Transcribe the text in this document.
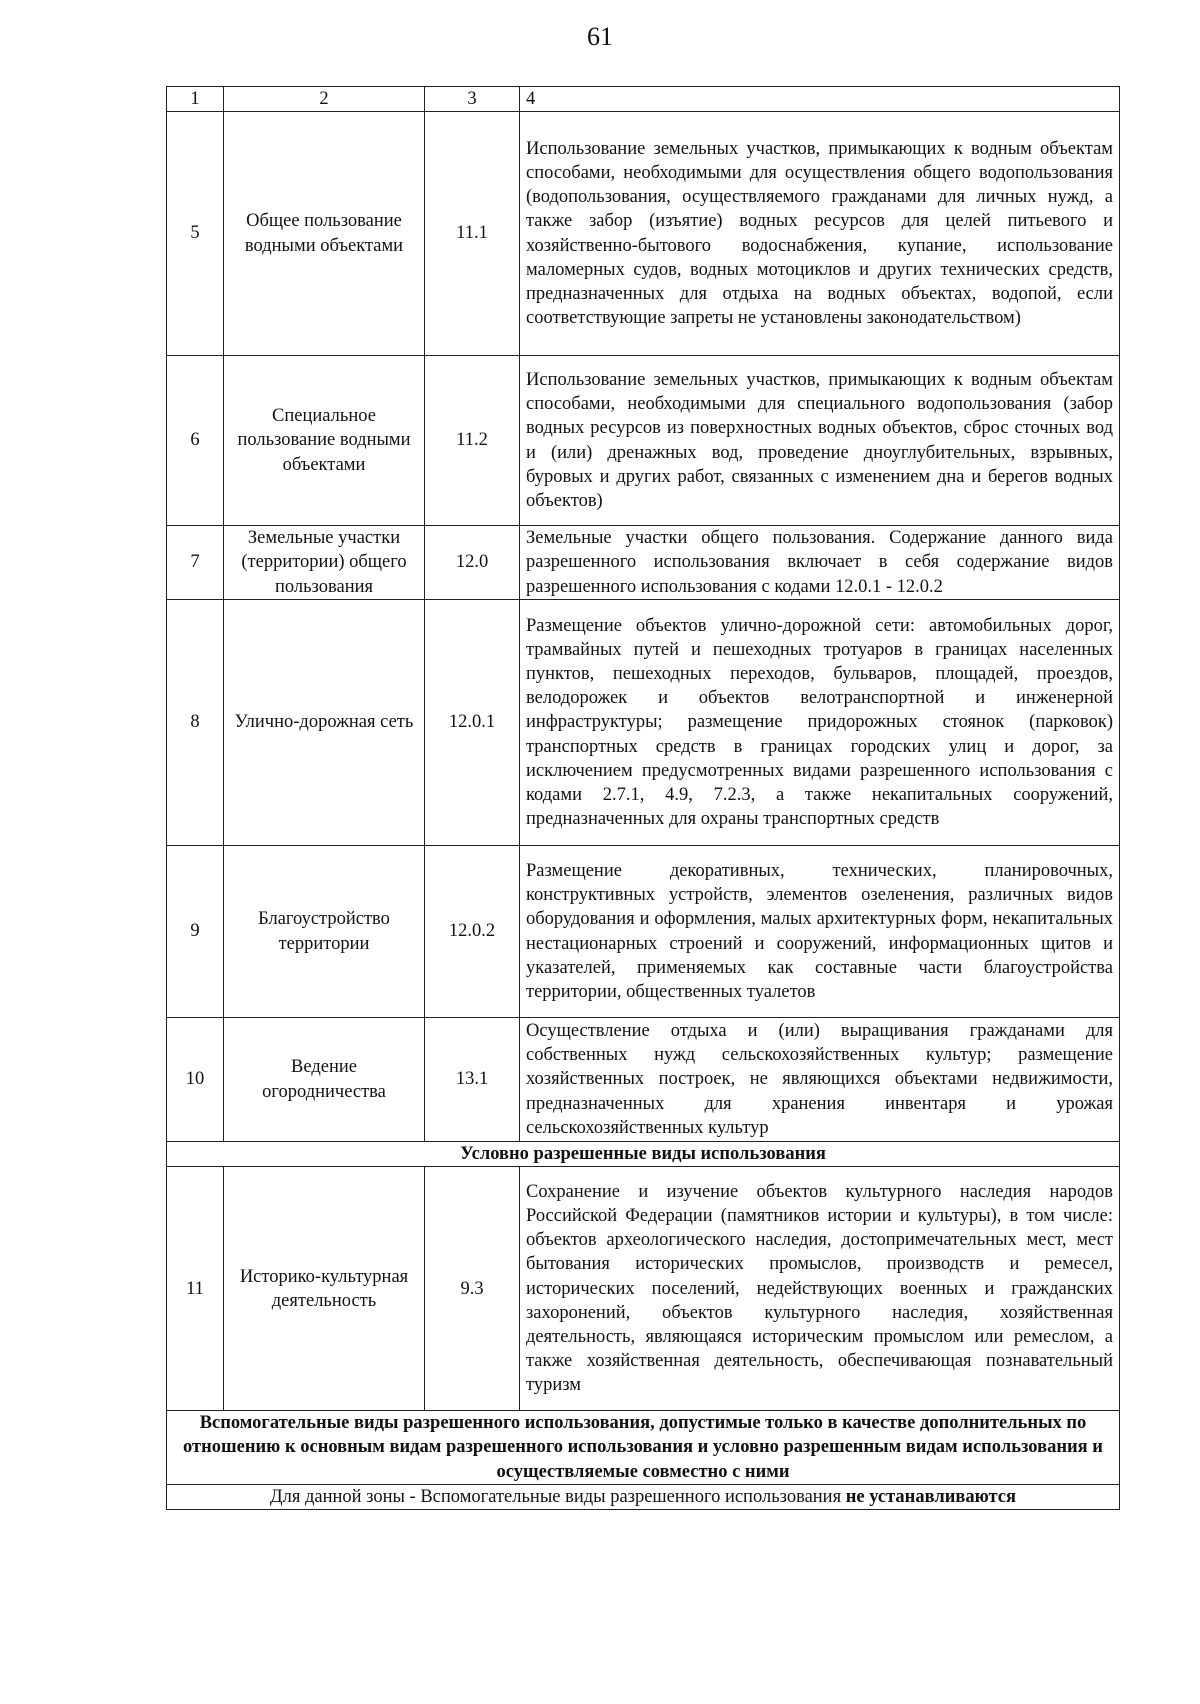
61
1	2	3	4
5	Общее пользование водными объектами	11.1	Использование земельных участков, примыкающих к водным объектам способами, необходимыми для осуществления общего водопользования (водопользования, осуществляемого гражданами для личных нужд, а также забор (изъятие) водных ресурсов для целей питьевого и хозяйственно-бытового водоснабжения, купание, использование маломерных судов, водных мотоциклов и других технических средств, предназначенных для отдыха на водных объектах, водопой, если соответствующие запреты не установлены законодательством)
6	Специальное пользование водными объектами	11.2	Использование земельных участков, примыкающих к водным объектам способами, необходимыми для специального водопользования (забор водных ресурсов из поверхностных водных объектов, сброс сточных вод и (или) дренажных вод, проведение дноуглубительных, взрывных, буровых и других работ, связанных с изменением дна и берегов водных объектов)
7	Земельные участки (территории) общего пользования	12.0	Земельные участки общего пользования. Содержание данного вида разрешенного использования включает в себя содержание видов разрешенного использования с кодами 12.0.1 - 12.0.2
8	Улично-дорожная сеть	12.0.1	Размещение объектов улично-дорожной сети: автомобильных дорог, трамвайных путей и пешеходных тротуаров в границах населенных пунктов, пешеходных переходов, бульваров, площадей, проездов, велодорожек и объектов велотранспортной и инженерной инфраструктуры; размещение придорожных стоянок (парковок) транспортных средств в границах городских улиц и дорог, за исключением предусмотренных видами разрешенного использования с кодами 2.7.1, 4.9, 7.2.3, а также некапитальных сооружений, предназначенных для охраны транспортных средств
9	Благоустройство территории	12.0.2	Размещение декоративных, технических, планировочных, конструктивных устройств, элементов озеленения, различных видов оборудования и оформления, малых архитектурных форм, некапитальных нестационарных строений и сооружений, информационных щитов и указателей, применяемых как составные части благоустройства территории, общественных туалетов
10	Ведение огородничества	13.1	Осуществление отдыха и (или) выращивания гражданами для собственных нужд сельскохозяйственных культур; размещение хозяйственных построек, не являющихся объектами недвижимости, предназначенных для хранения инвентаря и урожая сельскохозяйственных культур
Условно разрешенные виды использования			
11	Историко-культурная деятельность	9.3	Сохранение и изучение объектов культурного наследия народов Российской Федерации (памятников истории и культуры), в том числе: объектов археологического наследия, достопримечательных мест, мест бытования исторических промыслов, производств и ремесел, исторических поселений, недействующих военных и гражданских захоронений, объектов культурного наследия, хозяйственная деятельность, являющаяся историческим промыслом или ремеслом, а также хозяйственная деятельность, обеспечивающая познавательный туризм
Вспомогательные виды разрешенного использования, допустимые только в качестве дополнительных по отношению к основным видам разрешенного использования и условно разрешенным видам использования и осуществляемые совместно с ними			
Для данной зоны - Вспомогательные виды разрешенного использования не устанавливаются			
